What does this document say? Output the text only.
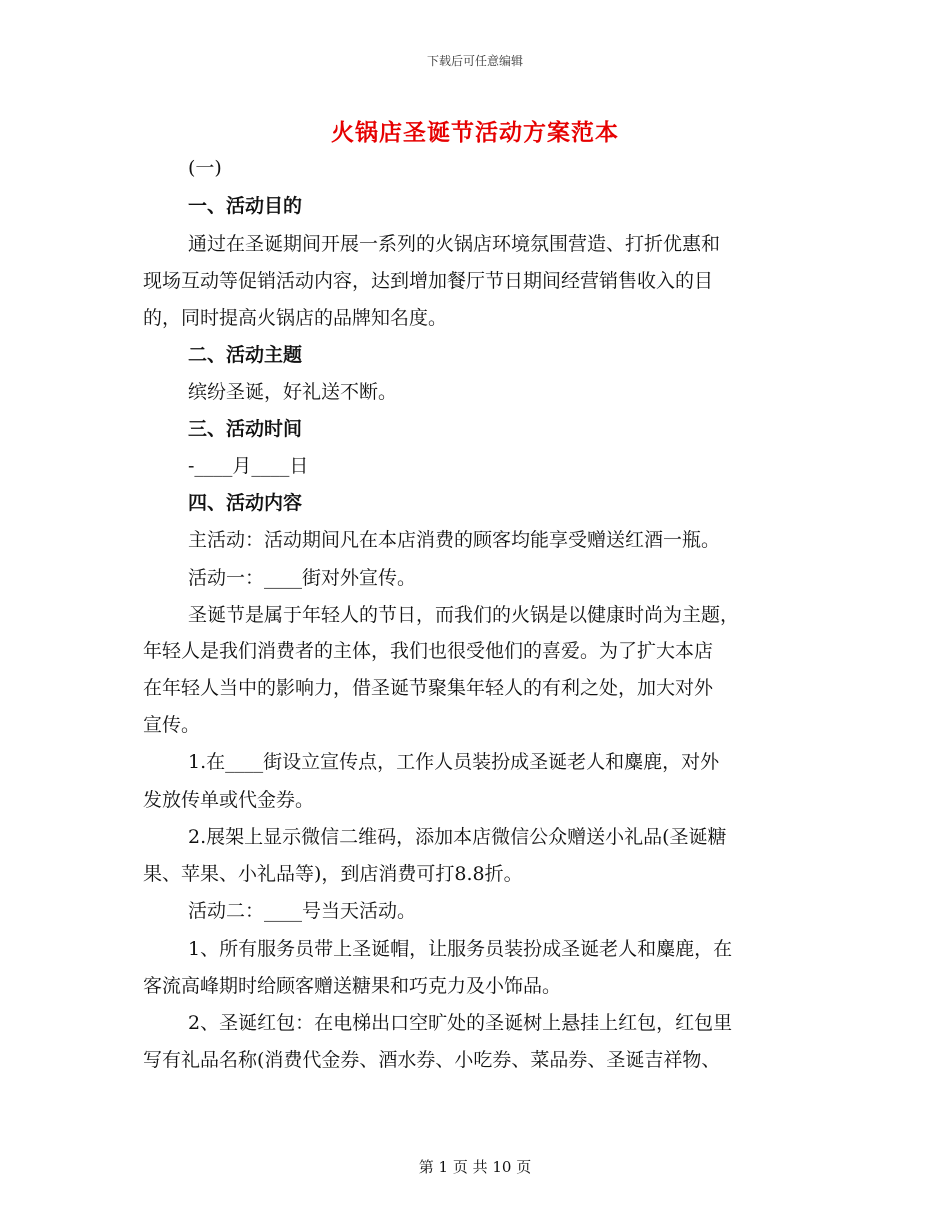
下载后可任意编辑
火锅店圣诞节活动方案范本
(一)
一、活动目的
通过在圣诞期间开展一系列的火锅店环境氛围营造、打折优惠和
现场互动等促销活动内容，达到增加餐厅节日期间经营销售收入的目
的，同时提高火锅店的品牌知名度。
二、活动主题
缤纷圣诞，好礼送不断。
三、活动时间
-____月____日
四、活动内容
主活动：活动期间凡在本店消费的顾客均能享受赠送红酒一瓶。
活动一：____街对外宣传。
圣诞节是属于年轻人的节日，而我们的火锅是以健康时尚为主题，
年轻人是我们消费者的主体，我们也很受他们的喜爱。为了扩大本店
在年轻人当中的影响力，借圣诞节聚集年轻人的有利之处，加大对外
宣传。
1.在____街设立宣传点，工作人员装扮成圣诞老人和麋鹿，对外
发放传单或代金券。
2.展架上显示微信二维码，添加本店微信公众赠送小礼品(圣诞糖
果、苹果、小礼品等)，到店消费可打8.8折。
活动二：____号当天活动。
1、所有服务员带上圣诞帽，让服务员装扮成圣诞老人和麋鹿，在
客流高峰期时给顾客赠送糖果和巧克力及小饰品。
2、圣诞红包：在电梯出口空旷处的圣诞树上悬挂上红包，红包里
写有礼品名称(消费代金券、酒水券、小吃券、菜品券、圣诞吉祥物、
第 1 页 共 10 页
